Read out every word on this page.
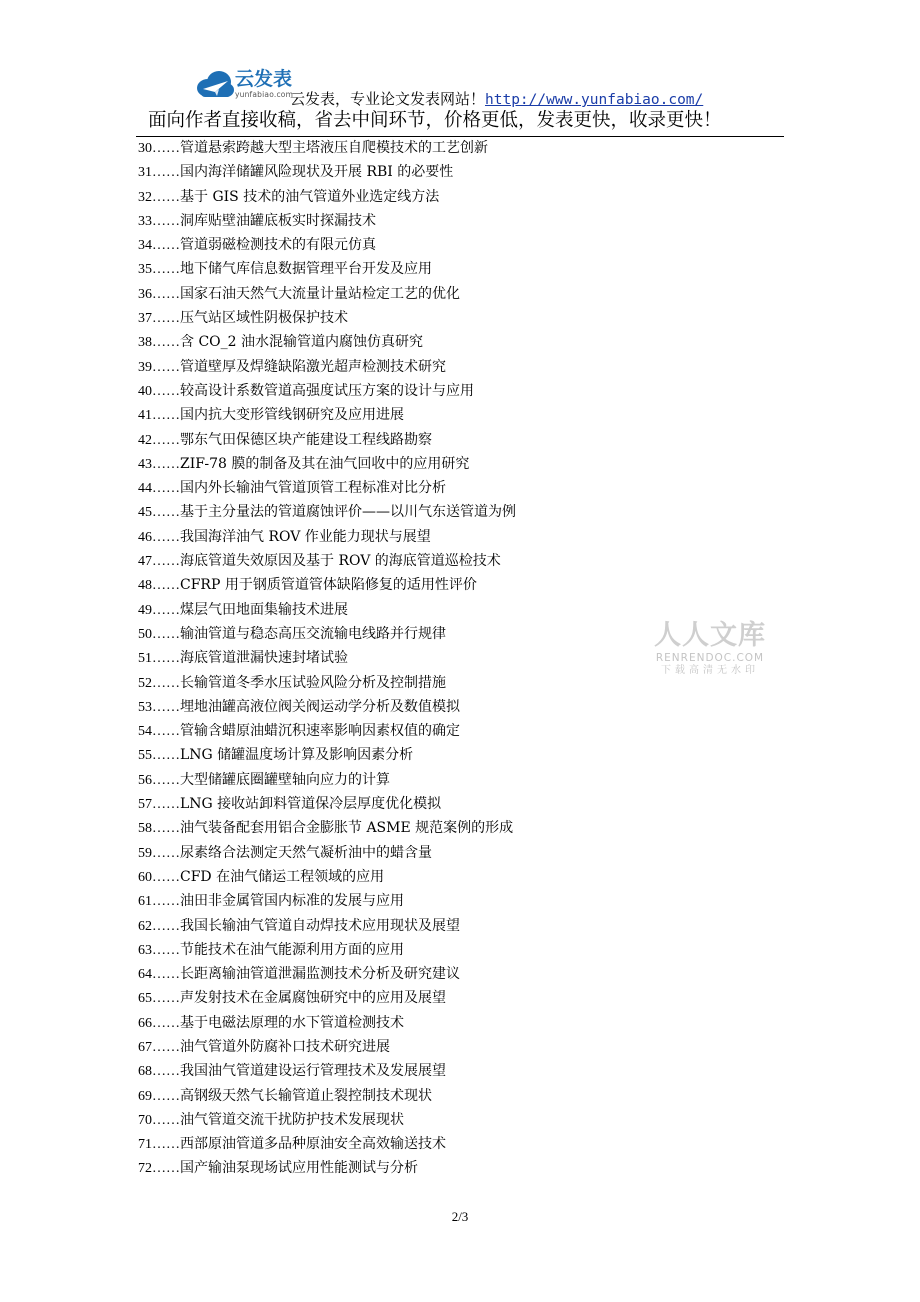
云发表
yunfabiao.com
云发表，专业论文发表网站！http://www.yunfabiao.com/
面向作者直接收稿，省去中间环节，价格更低，发表更快，收录更快！
30……管道悬索跨越大型主塔液压自爬模技术的工艺创新
31……国内海洋储罐风险现状及开展 RBI 的必要性
32……基于 GIS 技术的油气管道外业选定线方法
33……洞库贴壁油罐底板实时探漏技术
34……管道弱磁检测技术的有限元仿真
35……地下储气库信息数据管理平台开发及应用
36……国家石油天然气大流量计量站检定工艺的优化
37……压气站区域性阴极保护技术
38……含 CO_2 油水混输管道内腐蚀仿真研究
39……管道壁厚及焊缝缺陷激光超声检测技术研究
40……较高设计系数管道高强度试压方案的设计与应用
41……国内抗大变形管线钢研究及应用进展
42……鄂东气田保德区块产能建设工程线路勘察
43……ZIF-78 膜的制备及其在油气回收中的应用研究
44……国内外长输油气管道顶管工程标准对比分析
45……基于主分量法的管道腐蚀评价——以川气东送管道为例
46……我国海洋油气 ROV 作业能力现状与展望
47……海底管道失效原因及基于 ROV 的海底管道巡检技术
48……CFRP 用于钢质管道管体缺陷修复的适用性评价
49……煤层气田地面集输技术进展
50……输油管道与稳态高压交流输电线路并行规律
51……海底管道泄漏快速封堵试验
52……长输管道冬季水压试验风险分析及控制措施
53……埋地油罐高液位阀关阀运动学分析及数值模拟
54……管输含蜡原油蜡沉积速率影响因素权值的确定
55……LNG 储罐温度场计算及影响因素分析
56……大型储罐底圈罐壁轴向应力的计算
57……LNG 接收站卸料管道保冷层厚度优化模拟
58……油气装备配套用铝合金膨胀节 ASME 规范案例的形成
59……尿素络合法测定天然气凝析油中的蜡含量
60……CFD 在油气储运工程领域的应用
61……油田非金属管国内标准的发展与应用
62……我国长输油气管道自动焊技术应用现状及展望
63……节能技术在油气能源利用方面的应用
64……长距离输油管道泄漏监测技术分析及研究建议
65……声发射技术在金属腐蚀研究中的应用及展望
66……基于电磁法原理的水下管道检测技术
67……油气管道外防腐补口技术研究进展
68……我国油气管道建设运行管理技术及发展展望
69……高钢级天然气长输管道止裂控制技术现状
70……油气管道交流干扰防护技术发展现状
71……西部原油管道多品种原油安全高效输送技术
72……国产输油泵现场试应用性能测试与分析
人人文库
RENRENDOC.COM
下载高清无水印
2/3
